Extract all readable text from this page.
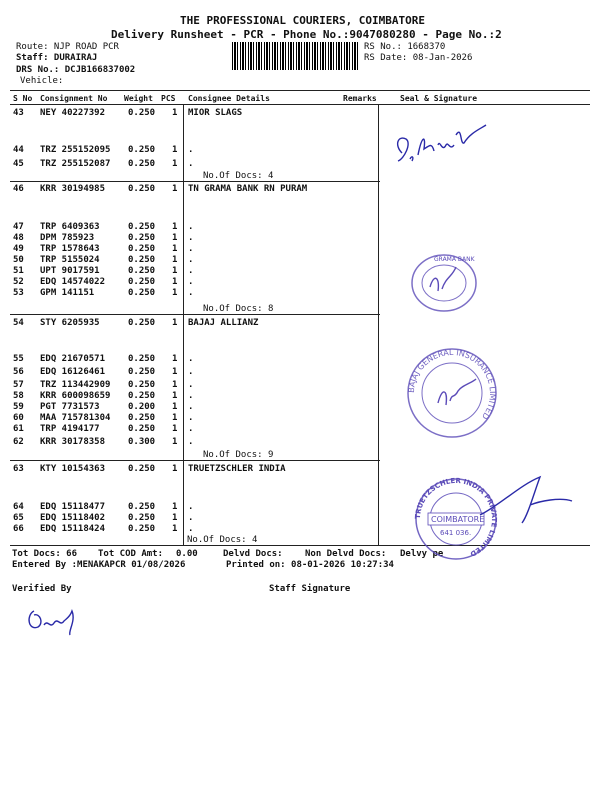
THE PROFESSIONAL COURIERS, COIMBATORE
Delivery Runsheet - PCR - Phone No.:9047080280 - Page No.:2
Route: NJP ROAD PCR
Staff: DURAIRAJ
DRS No.: DCJB166837002
Vehicle:
RS No.: 1668370
RS Date: 08-Jan-2026
S No Consignment No Weight PCS Consignee Details	Remarks	Seal & Signature
43 NEY 40227392	0.250 1 MIOR SLAGS
44 TRZ 255152095 0.250 1 .
45 TRZ 255152087 0.250 1 .
No.Of Docs: 4
46 KRR 30194985	0.250 1 TN GRAMA BANK RN PURAM
47 TRP 6409363	0.250 1 .
48 DPM 785923	0.250 1 .
49 TRP 1578643	0.250 1 .
50 TRP 5155024	0.250 1 .
51 UPT 9017591	0.250 1 .
52 EDQ 14574022	0.250 1 .
53 GPM 141151	0.250 1 .
No.Of Docs: 8
54 STY 6205935	0.250 1 BAJAJ ALLIANZ
55 EDQ 21670571	0.250 1 .
56 EDQ 16126461	0.250 1 .
57 TRZ 113442909 0.250 1 .
58 KRR 600098659 0.250 1 .
59 PGT 7731573	0.200 1 .
60 MAA 715781304 0.250 1 .
61 TRP 4194177	0.250 1 .
62 KRR 30178358	0.300 1 .
No.Of Docs: 9
63 KTY 10154363	0.250 1 TRUETZSCHLER INDIA
64 EDQ 15118477	0.250 1 .
65 EDQ 15118402	0.250 1 .
66 EDQ 15118424	0.250 1 .
No.Of Docs: 4
Tot Docs: 66 Tot COD Amt: 0.00	Delvd Docs: Non Delvd Docs: Delvy pe
Entered By :MENAKAPCR 01/08/2026	Printed on: 08-01-2026 10:27:34
Verified By	Staff Signature
GRAMA BANK
BAJAJ GENERAL INSURANCE LIMITED
TRUETZSCHLER INDIA PRIVATE LIMITED
COIMBATORE
641 036.
